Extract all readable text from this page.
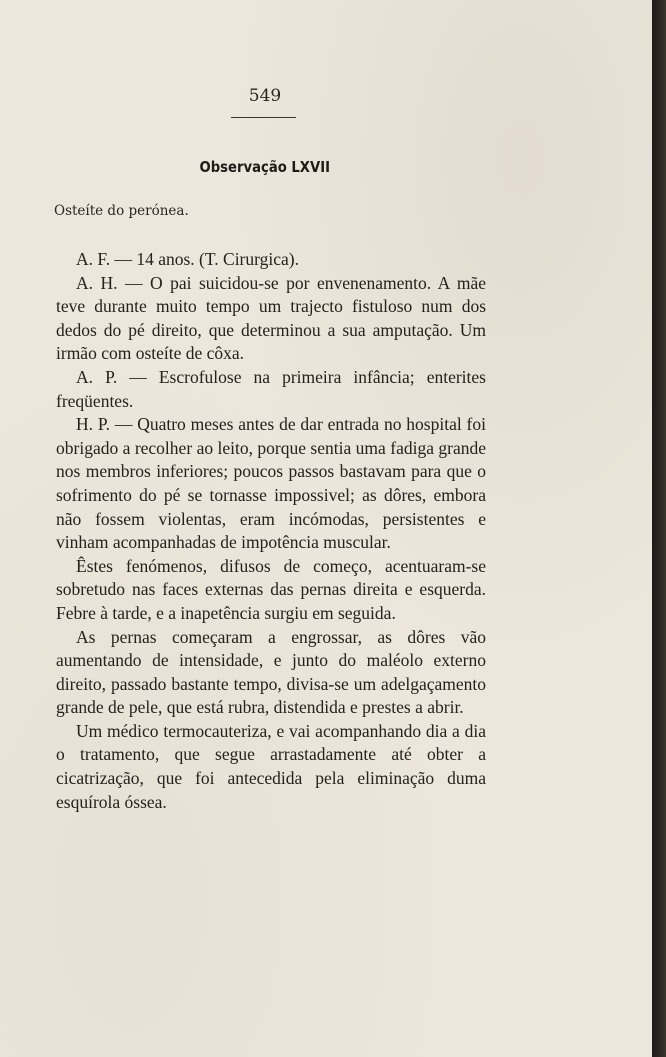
549
Observação LXVII
Osteíte do perónea.

A. F. — 14 anos. (T. Cirurgica).

A. H. — O pai suicidou-se por envenenamento. A mãe teve durante muito tempo um trajecto fistuloso num dos dedos do pé direito, que determinou a sua amputação. Um irmão com osteíte de côxa.

A. P. — Escrofulose na primeira infância; enterites freqüentes.

H. P. — Quatro meses antes de dar entrada no hospital foi obrigado a recolher ao leito, porque sentia uma fadiga grande nos membros inferiores; poucos passos bastavam para que o sofrimento do pé se tornasse impossivel; as dôres, embora não fossem violentas, eram incómodas, persistentes e vinham acompanhadas de impotência muscular.

Êstes fenómenos, difusos de começo, acentuaram-se sobretudo nas faces externas das pernas direita e esquerda. Febre à tarde, e a inapetência surgiu em seguida.

As pernas começaram a engrossar, as dôres vão aumentando de intensidade, e junto do maléolo externo direito, passado bastante tempo, divisa-se um adelgaçamento grande de pele, que está rubra, distendida e prestes a abrir.

Um médico termocauteriza, e vai acompanhando dia a dia o tratamento, que segue arrastadamente até obter a cicatrização, que foi antecedida pela eliminação duma esquírola óssea.
